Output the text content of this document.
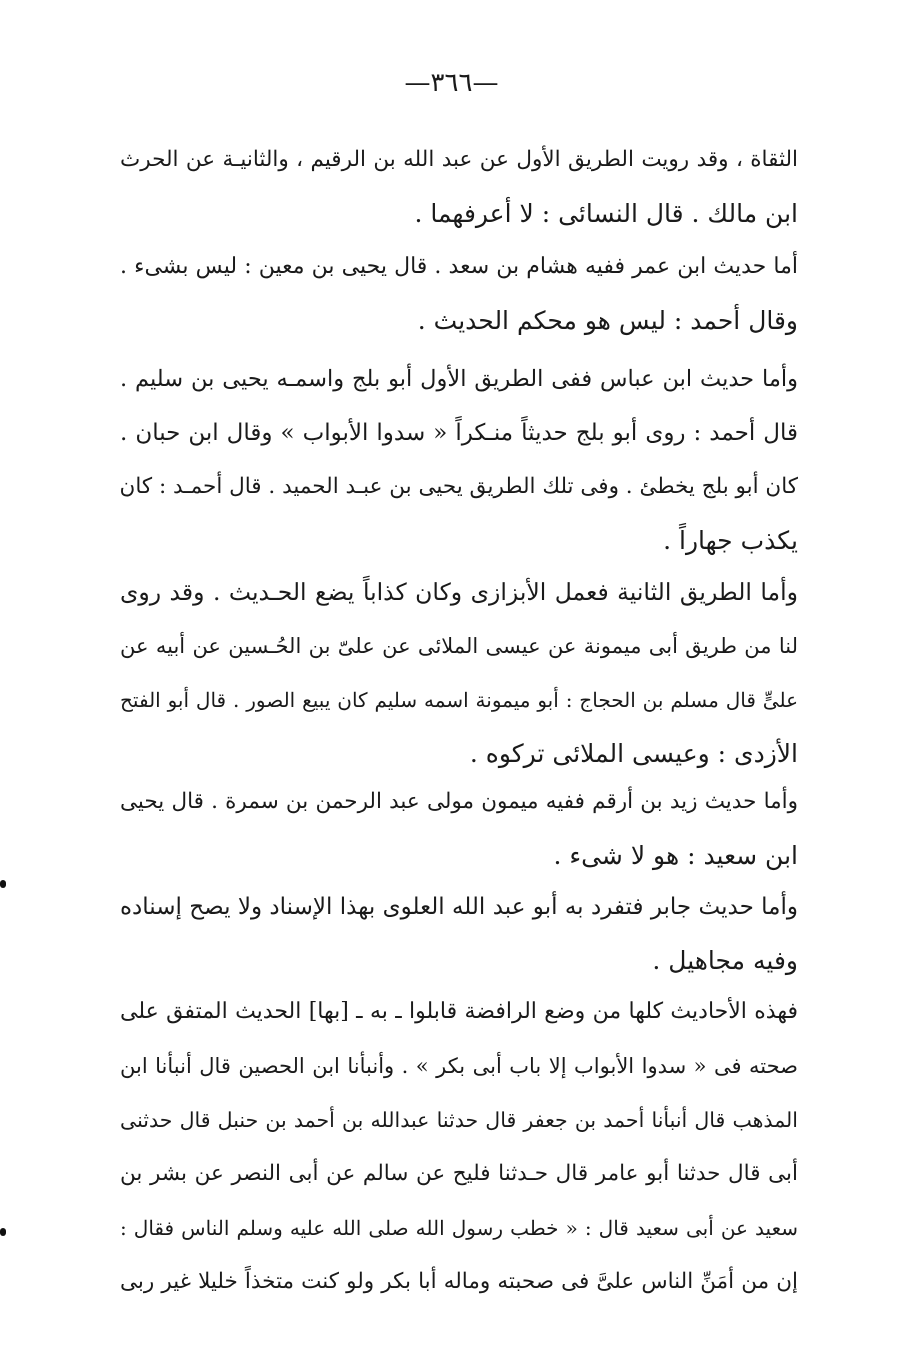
—٣٦٦—
الثقاة ، وقد رويت الطريق الأول عن عبد الله بن الرقيم ، والثانيـة عن الحرث
ابن مالك . قال النسائى : لا أعرفهما .
أما حديث ابن عمر ففيه هشام بن سعد . قال يحيى بن معين : ليس بشىء .
وقال أحمد : ليس هو محكم الحديث .
وأما حديث ابن عباس ففى الطريق الأول أبو بلج واسمـه يحيى بن سليم .
قال أحمد : روى أبو بلج حديثاً منـكراً « سدوا الأبواب » وقال ابن حبان .
كان أبو بلج يخطئ . وفى تلك الطريق يحيى بن عبـد الحميد . قال أحمـد : كان
يكذب جهاراً .
وأما الطريق الثانية فعمل الأبزازى وكان كذاباً يضع الحـديث . وقد روى
لنا من طريق أبى ميمونة عن عيسى الملائى عن علىّ بن الحُـسين عن أبيه عن
علىٍّ قال مسلم بن الحجاج : أبو ميمونة اسمه سليم كان يبيع الصور . قال أبو الفتح
الأزدى : وعيسى الملائى تركوه .
وأما حديث زيد بن أرقم ففيه ميمون مولى عبد الرحمن بن سمرة . قال يحيى
ابن سعيد : هو لا شىء .
وأما حديث جابر فتفرد به أبو عبد الله العلوى بهذا الإسناد ولا يصح إسناده
وفيه مجاهيل .
فهذه الأحاديث كلها من وضع الرافضة قابلوا ـ به ـ [بها] الحديث المتفق على
صحته فى « سدوا الأبواب إلا باب أبى بكر » . وأنبأنا ابن الحصين قال أنبأنا ابن
المذهب قال أنبأنا أحمد بن جعفر قال حدثنا عبدالله بن أحمد بن حنبل قال حدثنى
أبى قال حدثنا أبو عامر قال حـدثنا فليح عن سالم عن أبى النصر عن بشر بن
سعيد عن أبى سعيد قال : « خطب رسول الله صلى الله عليه وسلم الناس فقال :
إن من أمَنِّ الناس علىَّ فى صحبته وماله أبا بكر ولو كنت متخذاً خليلا غير ربى
